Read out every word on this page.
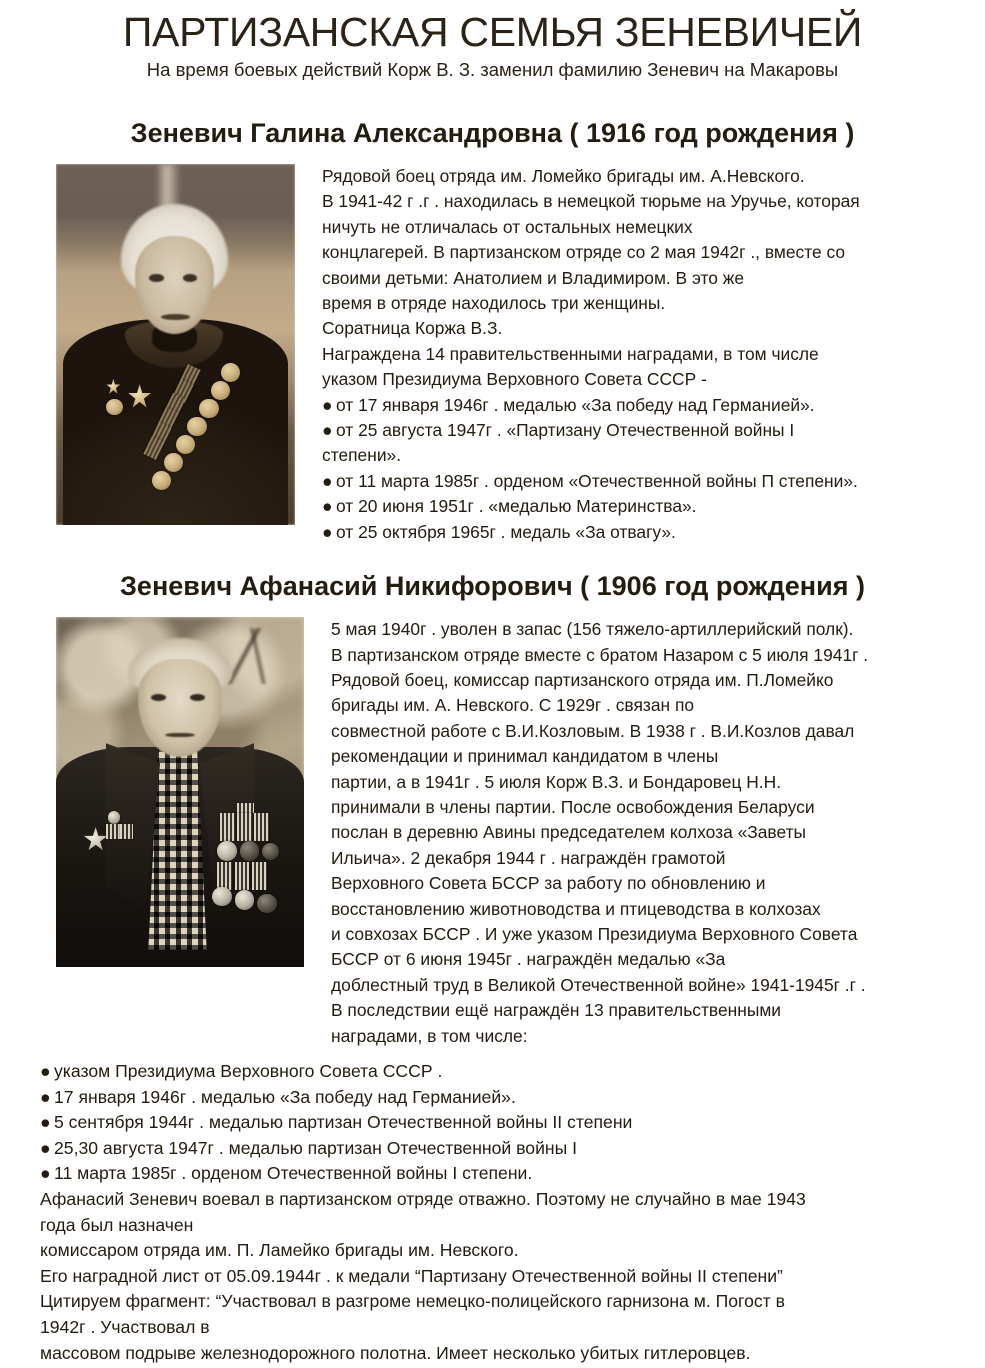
ПАРТИЗАНСКАЯ СЕМЬЯ ЗЕНЕВИЧЕЙ
На время боевых действий Корж В. З. заменил фамилию Зеневич на Макаровы
Зеневич Галина Александровна ( 1916 год рождения )
Рядовой боец отряда им. Ломейко бригады им. А.Невского.
В 1941-42 г .г . находилась в немецкой тюрьме на Уручье, которая
ничуть не отличалась от остальных немецких
концлагерей. В партизанском отряде со 2 мая 1942г ., вместе со
своими детьми: Анатолием и Владимиром. В это же
время в отряде находилось три женщины.
Соратница Коржа В.З.
Награждена 14 правительственными наградами, в том числе
указом Президиума Верховного Совета СССР -
● от 17 января 1946г . медалью «За победу над Германией».
● от 25 августа 1947г . «Партизану Отечественной войны I
степени».
● от 11 марта 1985г . орденом «Отечественной войны П степени».
● от 20 июня 1951г . «медалью Материнства».
● от 25 октября 1965г . медаль «За отвагу».
Зеневич Афанасий Никифорович ( 1906 год рождения )
5 мая 1940г . уволен в запас (156 тяжело-артиллерийский полк).
В партизанском отряде вместе с братом Назаром с 5 июля 1941г .
Рядовой боец, комиссар партизанского отряда им. П.Ломейко
бригады им. А. Невского. С 1929г . связан по
совместной работе с В.И.Козловым. В 1938 г . В.И.Козлов давал
рекомендации и принимал кандидатом в члены
партии, а в 1941г . 5 июля Корж В.З. и Бондаровец Н.Н.
принимали в члены партии. После освобождения Беларуси
послан в деревню Авины председателем колхоза «Заветы
Ильича». 2 декабря 1944 г . награждён грамотой
Верховного Совета БССР за работу по обновлению и
восстановлению животноводства и птицеводства в колхозах
и совхозах БССР . И уже указом Президиума Верховного Совета
БССР от 6 июня 1945г . награждён медалью «За
доблестный труд в Великой Отечественной войне» 1941-1945г .г .
В последствии ещё награждён 13 правительственными
наградами, в том числе:
● указом Президиума Верховного Совета СССР .
● 17 января 1946г . медалью «За победу над Германией».
● 5 сентября 1944г . медалью партизан Отечественной войны II степени
● 25,30 августа 1947г . медалью партизан Отечественной войны I
● 11 марта 1985г . орденом Отечественной войны I степени.
Афанасий Зеневич воевал в партизанском отряде отважно. Поэтому не случайно в мае 1943
года был назначен
комиссаром отряда им. П. Ламейко бригады им. Невского.
Его наградной лист от 05.09.1944г . к медали “Партизану Отечественной войны II степени”
Цитируем фрагмент: “Участвовал в разгроме немецко-полицейского гарнизона м. Погост в
1942г . Участвовал в
массовом подрыве железнодорожного полотна. Имеет несколько убитых гитлеровцев.
